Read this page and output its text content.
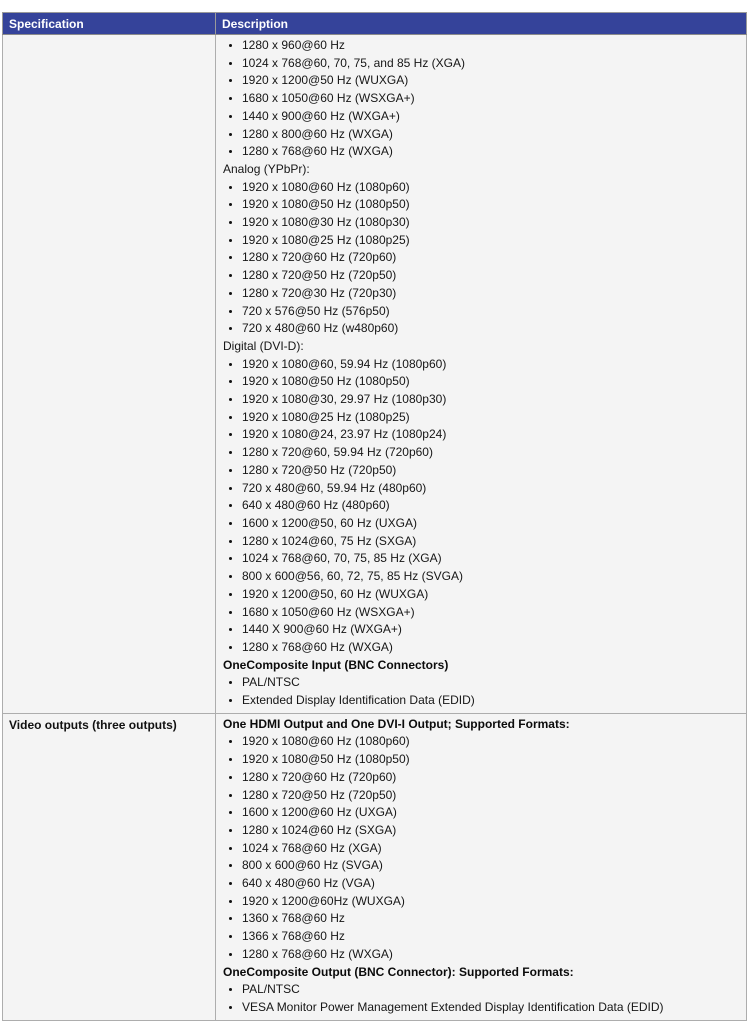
Specification	Description

• 1280 x 960@60 Hz
• 1024 x 768@60, 70, 75, and 85 Hz (XGA)
• 1920 x 1200@50 Hz (WUXGA)
• 1680 x 1050@60 Hz (WSXGA+)
• 1440 x 900@60 Hz (WXGA+)
• 1280 x 800@60 Hz (WXGA)
• 1280 x 768@60 Hz (WXGA)
Analog (YPbPr):
• 1920 x 1080@60 Hz (1080p60)
• 1920 x 1080@50 Hz (1080p50)
• 1920 x 1080@30 Hz (1080p30)
• 1920 x 1080@25 Hz (1080p25)
• 1280 x 720@60 Hz (720p60)
• 1280 x 720@50 Hz (720p50)
• 1280 x 720@30 Hz (720p30)
• 720 x 576@50 Hz (576p50)
• 720 x 480@60 Hz (w480p60)
Digital (DVI-D):
• 1920 x 1080@60, 59.94 Hz (1080p60)
• 1920 x 1080@50 Hz (1080p50)
• 1920 x 1080@30, 29.97 Hz (1080p30)
• 1920 x 1080@25 Hz (1080p25)
• 1920 x 1080@24, 23.97 Hz (1080p24)
• 1280 x 720@60, 59.94 Hz (720p60)
• 1280 x 720@50 Hz (720p50)
• 720 x 480@60, 59.94 Hz (480p60)
• 640 x 480@60 Hz (480p60)
• 1600 x 1200@50, 60 Hz (UXGA)
• 1280 x 1024@60, 75 Hz (SXGA)
• 1024 x 768@60, 70, 75, 85 Hz (XGA)
• 800 x 600@56, 60, 72, 75, 85 Hz (SVGA)
• 1920 x 1200@50, 60 Hz (WUXGA)
• 1680 x 1050@60 Hz (WSXGA+)
• 1440 X 900@60 Hz (WXGA+)
• 1280 x 768@60 Hz (WXGA)
OneComposite Input (BNC Connectors)
• PAL/NTSC
• Extended Display Identification Data (EDID)

Video outputs (three outputs)	One HDMI Output and One DVI-I Output; Supported Formats:
• 1920 x 1080@60 Hz (1080p60)
• 1920 x 1080@50 Hz (1080p50)
• 1280 x 720@60 Hz (720p60)
• 1280 x 720@50 Hz (720p50)
• 1600 x 1200@60 Hz (UXGA)
• 1280 x 1024@60 Hz (SXGA)
• 1024 x 768@60 Hz (XGA)
• 800 x 600@60 Hz (SVGA)
• 640 x 480@60 Hz (VGA)
• 1920 x 1200@60Hz (WUXGA)
• 1360 x 768@60 Hz
• 1366 x 768@60 Hz
• 1280 x 768@60 Hz (WXGA)
OneComposite Output (BNC Connector): Supported Formats:
• PAL/NTSC
• VESA Monitor Power Management Extended Display Identification Data (EDID)
